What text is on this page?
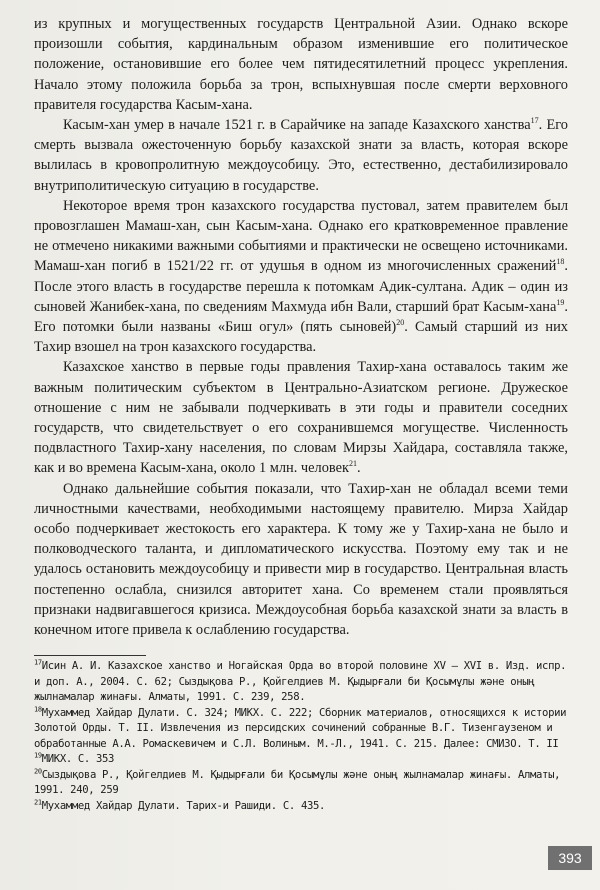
из крупных и могущественных государств Центральной Азии. Однако вскоре произошли события, кардинальным образом изменившие его политическое положение, остановившие его более чем пятидесятилетний процесс укрепления. Начало этому положила борьба за трон, вспыхнувшая после смерти верховного правителя государства Касым-хана.

Касым-хан умер в начале 1521 г. в Сарайчике на западе Казахского ханства$^{17}$. Его смерть вызвала ожесточенную борьбу казахской знати за власть, которая вскоре вылилась в кровопролитную междоусобицу. Это, естественно, дестабилизировало внутриполитическую ситуацию в государстве.

Некоторое время трон казахского государства пустовал, затем правителем был провозглашен Мамаш-хан, сын Касым-хана. Однако его кратковременное правление не отмечено никакими важными событиями и практически не освещено источниками. Мамаш-хан погиб в 1521/22 гг. от удушья в одном из многочисленных сражений$^{18}$. После этого власть в государстве перешла к потомкам Адик-султана. Адик – один из сыновей Жанибек-хана, по сведениям Махмуда ибн Вали, старший брат Касым-хана$^{19}$. Его потомки были названы «Биш огул» (пять сыновей)$^{20}$. Самый старший из них Тахир взошел на трон казахского государства.

Казахское ханство в первые годы правления Тахир-хана оставалось таким же важным политическим субъектом в Центрально-Азиатском регионе. Дружеское отношение с ним не забывали подчеркивать в эти годы и правители соседних государств, что свидетельствует о его сохранившемся могуществе. Численность подвластного Тахир-хану населения, по словам Мирзы Хайдара, составляла также, как и во времена Касым-хана, около 1 млн. человек$^{21}$.

Однако дальнейшие события показали, что Тахир-хан не обладал всеми теми личностными качествами, необходимыми настоящему правителю. Мирза Хайдар особо подчеркивает жестокость его характера. К тому же у Тахир-хана не было и полководческого таланта, и дипломатического искусства. Поэтому ему так и не удалось остановить междоусобицу и привести мир в государство. Центральная власть постепенно ослабла, снизился авторитет хана. Со временем стали проявляться признаки надвигавшегося кризиса. Междоусобная борьба казахской знати за власть в конечном итоге привела к ослаблению государства.

$^{17}$Исин А. И. Казахское ханство и Ногайская Орда во второй половине XV – XVI в. Изд. испр. и доп. А., 2004. С. 62; Сыздықова Р., Қойгелдиев М. Қыдырғали би Қосымұлы және оның жылнамалар жинағы. Алматы, 1991. С. 239, 258.

$^{18}$Мухаммед Хайдар Дулати. С. 324; МИКХ. С. 222; Сборник материалов, относящихся к истории Золотой Орды. Т. II. Извлечения из персидских сочинений собранные В.Г. Тизенгаузеном и обработанные А.А. Ромаскевичем и С.Л. Волиным. М.-Л., 1941. С. 215. Далее: СМИЗО. Т. II

$^{19}$МИКХ. С. 353

$^{20}$Сыздықова Р., Қойгелдиев М. Қыдырғали би Қосымұлы және оның жылнамалар жинағы. Алматы, 1991. 240, 259

$^{21}$Мухаммед Хайдар Дулати. Тарих-и Рашиди. С. 435.

393
